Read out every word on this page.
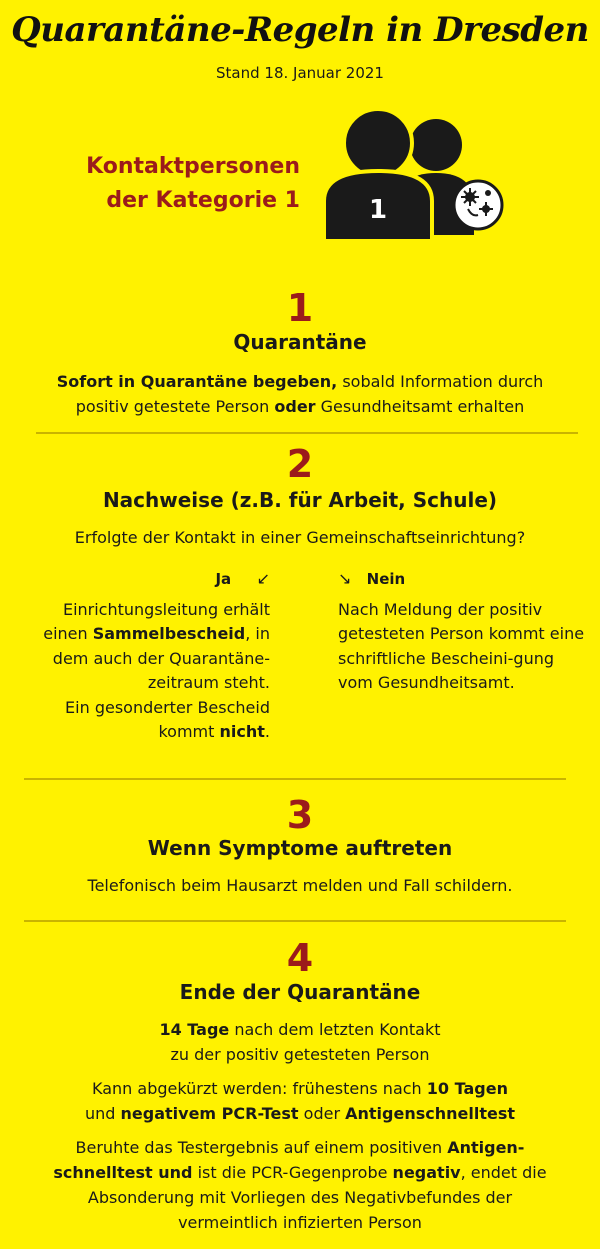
Quarantäne-Regeln in Dresden
Stand 18. Januar 2021
Kontaktpersonen
der Kategorie 1	1
1
Quarantäne
Sofort in Quarantäne begeben, sobald Information durch positiv getestete Person oder Gesundheitsamt erhalten
2
Nachweise (z.B. für Arbeit, Schule)
Erfolgte der Kontakt in einer Gemeinschaftseinrichtung?
Ja ↙
Einrichtungsleitung erhält einen Sammelbescheid, in dem auch der Quarantäne-zeitraum steht.
Ein gesonderter Bescheid kommt nicht.
↘ Nein
Nach Meldung der positiv getesteten Person kommt eine schriftliche Bescheini-gung vom Gesundheitsamt.
3
Wenn Symptome auftreten
Telefonisch beim Hausarzt melden und Fall schildern.
4
Ende der Quarantäne
14 Tage nach dem letzten Kontakt
zu der positiv getesteten Person
Kann abgekürzt werden: frühestens nach 10 Tagen
und negativem PCR-Test oder Antigenschnelltest
Beruhte das Testergebnis auf einem positiven Antigen-schnelltest und ist die PCR-Gegenprobe negativ, endet die Absonderung mit Vorliegen des Negativbefundes der vermeintlich infizierten Person
